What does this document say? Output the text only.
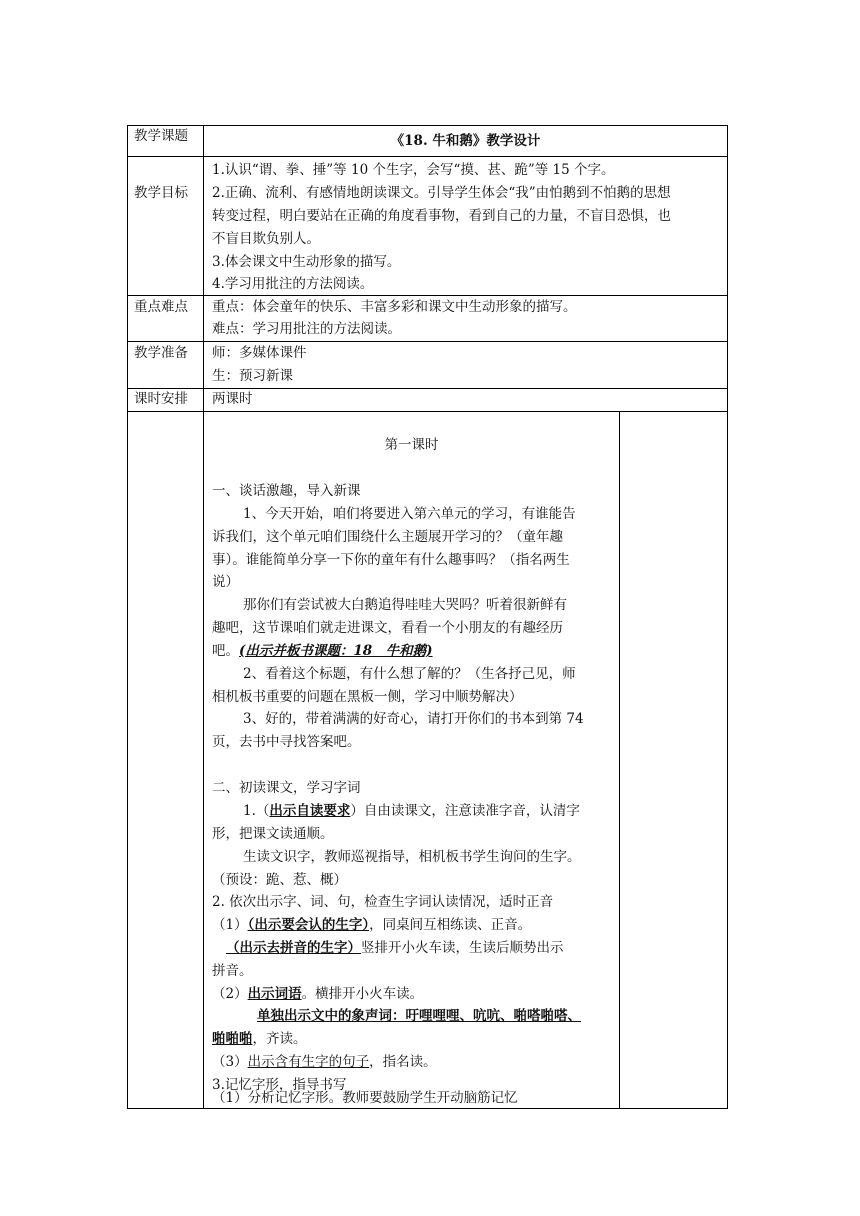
教学课题	《18. 牛和鹅》教学设计
教学目标
1.认识“谓、拳、捶”等 10 个生字，会写“摸、甚、跪”等 15 个字。
2.正确、流利、有感情地朗读课文。引导学生体会“我”由怕鹅到不怕鹅的思想
转变过程，明白要站在正确的角度看事物，看到自己的力量，不盲目恐惧，也
不盲目欺负别人。
3.体会课文中生动形象的描写。
4.学习用批注的方法阅读。
重点难点 重点：体会童年的快乐、丰富多彩和课文中生动形象的描写。
难点：学习用批注的方法阅读。
教学准备 师：多媒体课件
生：预习新课
课时安排 两课时
第一课时
一、谈话激趣，导入新课
1、今天开始，咱们将要进入第六单元的学习，有谁能告
诉我们，这个单元咱们围绕什么主题展开学习的？（童年趣
事）。谁能简单分享一下你的童年有什么趣事吗？（指名两生
说）
那你们有尝试被大白鹅追得哇哇大哭吗？听着很新鲜有
趣吧，这节课咱们就走进课文，看看一个小朋友的有趣经历
吧。(出示并板书课题：18　牛和鹅)
2、看着这个标题，有什么想了解的？（生各抒己见，师
相机板书重要的问题在黑板一侧，学习中顺势解决）
3、好的，带着满满的好奇心，请打开你们的书本到第 74
页，去书中寻找答案吧。
二、初读课文，学习字词
1.（出示自读要求）自由读课文，注意读准字音，认清字
形，把课文读通顺。
生读文识字，教师巡视指导，相机板书学生询问的生字。
（预设：跪、惹、概）
2. 依次出示字、词、句，检查生字词认读情况，适时正音
（1）（出示要会认的生字），同桌间互相练读、正音。
（出示去拼音的生字）竖排开小火车读，生读后顺势出示
拼音。
（2）出示词语。横排开小火车读。
单独出示文中的象声词：吁哩哩哩、吭吭、啪嗒啪嗒、
啪啪啪，齐读。
（3）出示含有生字的句子，指名读。
3.记忆字形，指导书写
（1）分析记忆字形。教师要鼓励学生开动脑筋记忆
